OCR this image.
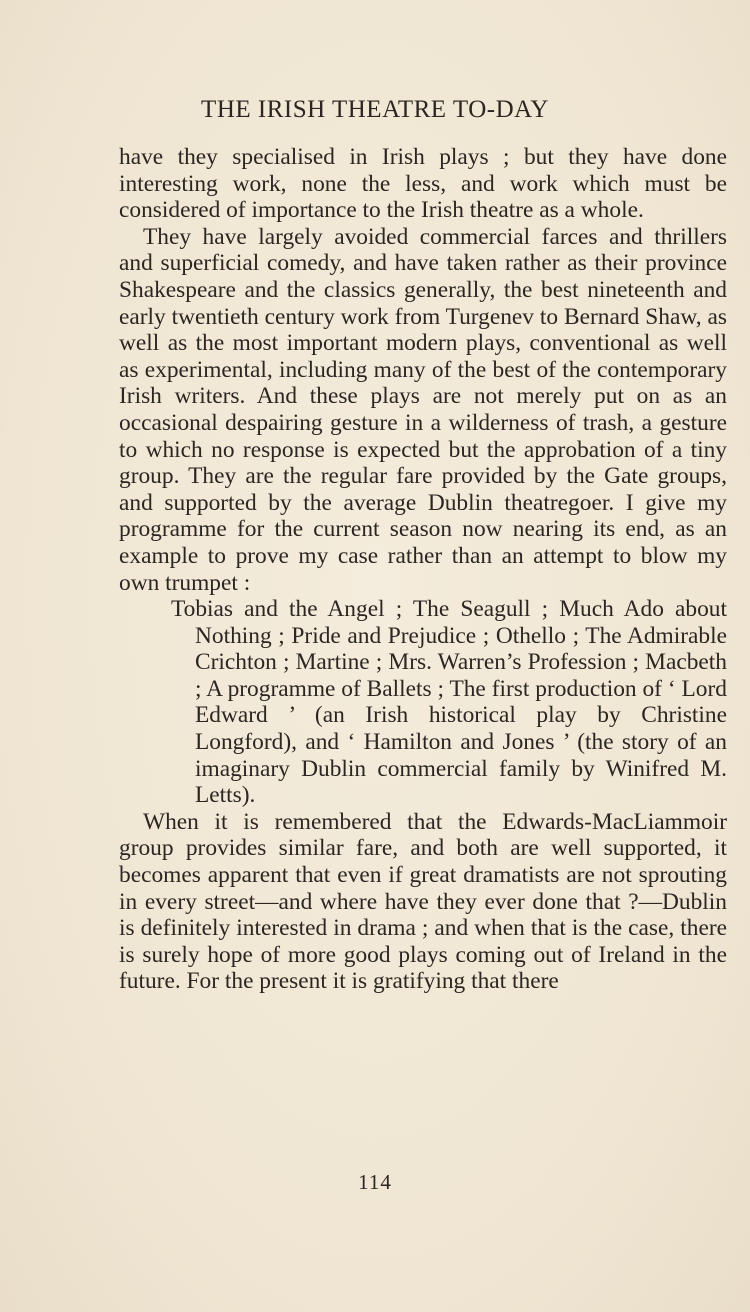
THE IRISH THEATRE TO-DAY

have they specialised in Irish plays ; but they have done interesting work, none the less, and work which must be considered of importance to the Irish theatre as a whole.

They have largely avoided commercial farces and thrillers and superficial comedy, and have taken rather as their province Shakespeare and the classics generally, the best nineteenth and early twentieth century work from Turgenev to Bernard Shaw, as well as the most important modern plays, conventional as well as experimental, including many of the best of the contemporary Irish writers. And these plays are not merely put on as an occasional despairing gesture in a wilderness of trash, a gesture to which no response is expected but the approbation of a tiny group. They are the regular fare provided by the Gate groups, and supported by the average Dublin theatregoer. I give my programme for the current season now nearing its end, as an example to prove my case rather than an attempt to blow my own trumpet :

Tobias and the Angel ; The Seagull ; Much Ado about Nothing ; Pride and Prejudice ; Othello ; The Admirable Crichton ; Martine ; Mrs. Warren’s Profession ; Macbeth ; A programme of Ballets ; The first production of ‘ Lord Edward ’ (an Irish historical play by Christine Longford), and ‘ Hamilton and Jones ’ (the story of an imaginary Dublin commercial family by Winifred M. Letts).

When it is remembered that the Edwards-MacLiammoir group provides similar fare, and both are well supported, it becomes apparent that even if great dramatists are not sprouting in every street—and where have they ever done that ?—Dublin is definitely interested in drama ; and when that is the case, there is surely hope of more good plays coming out of Ireland in the future. For the present it is gratifying that there

114
